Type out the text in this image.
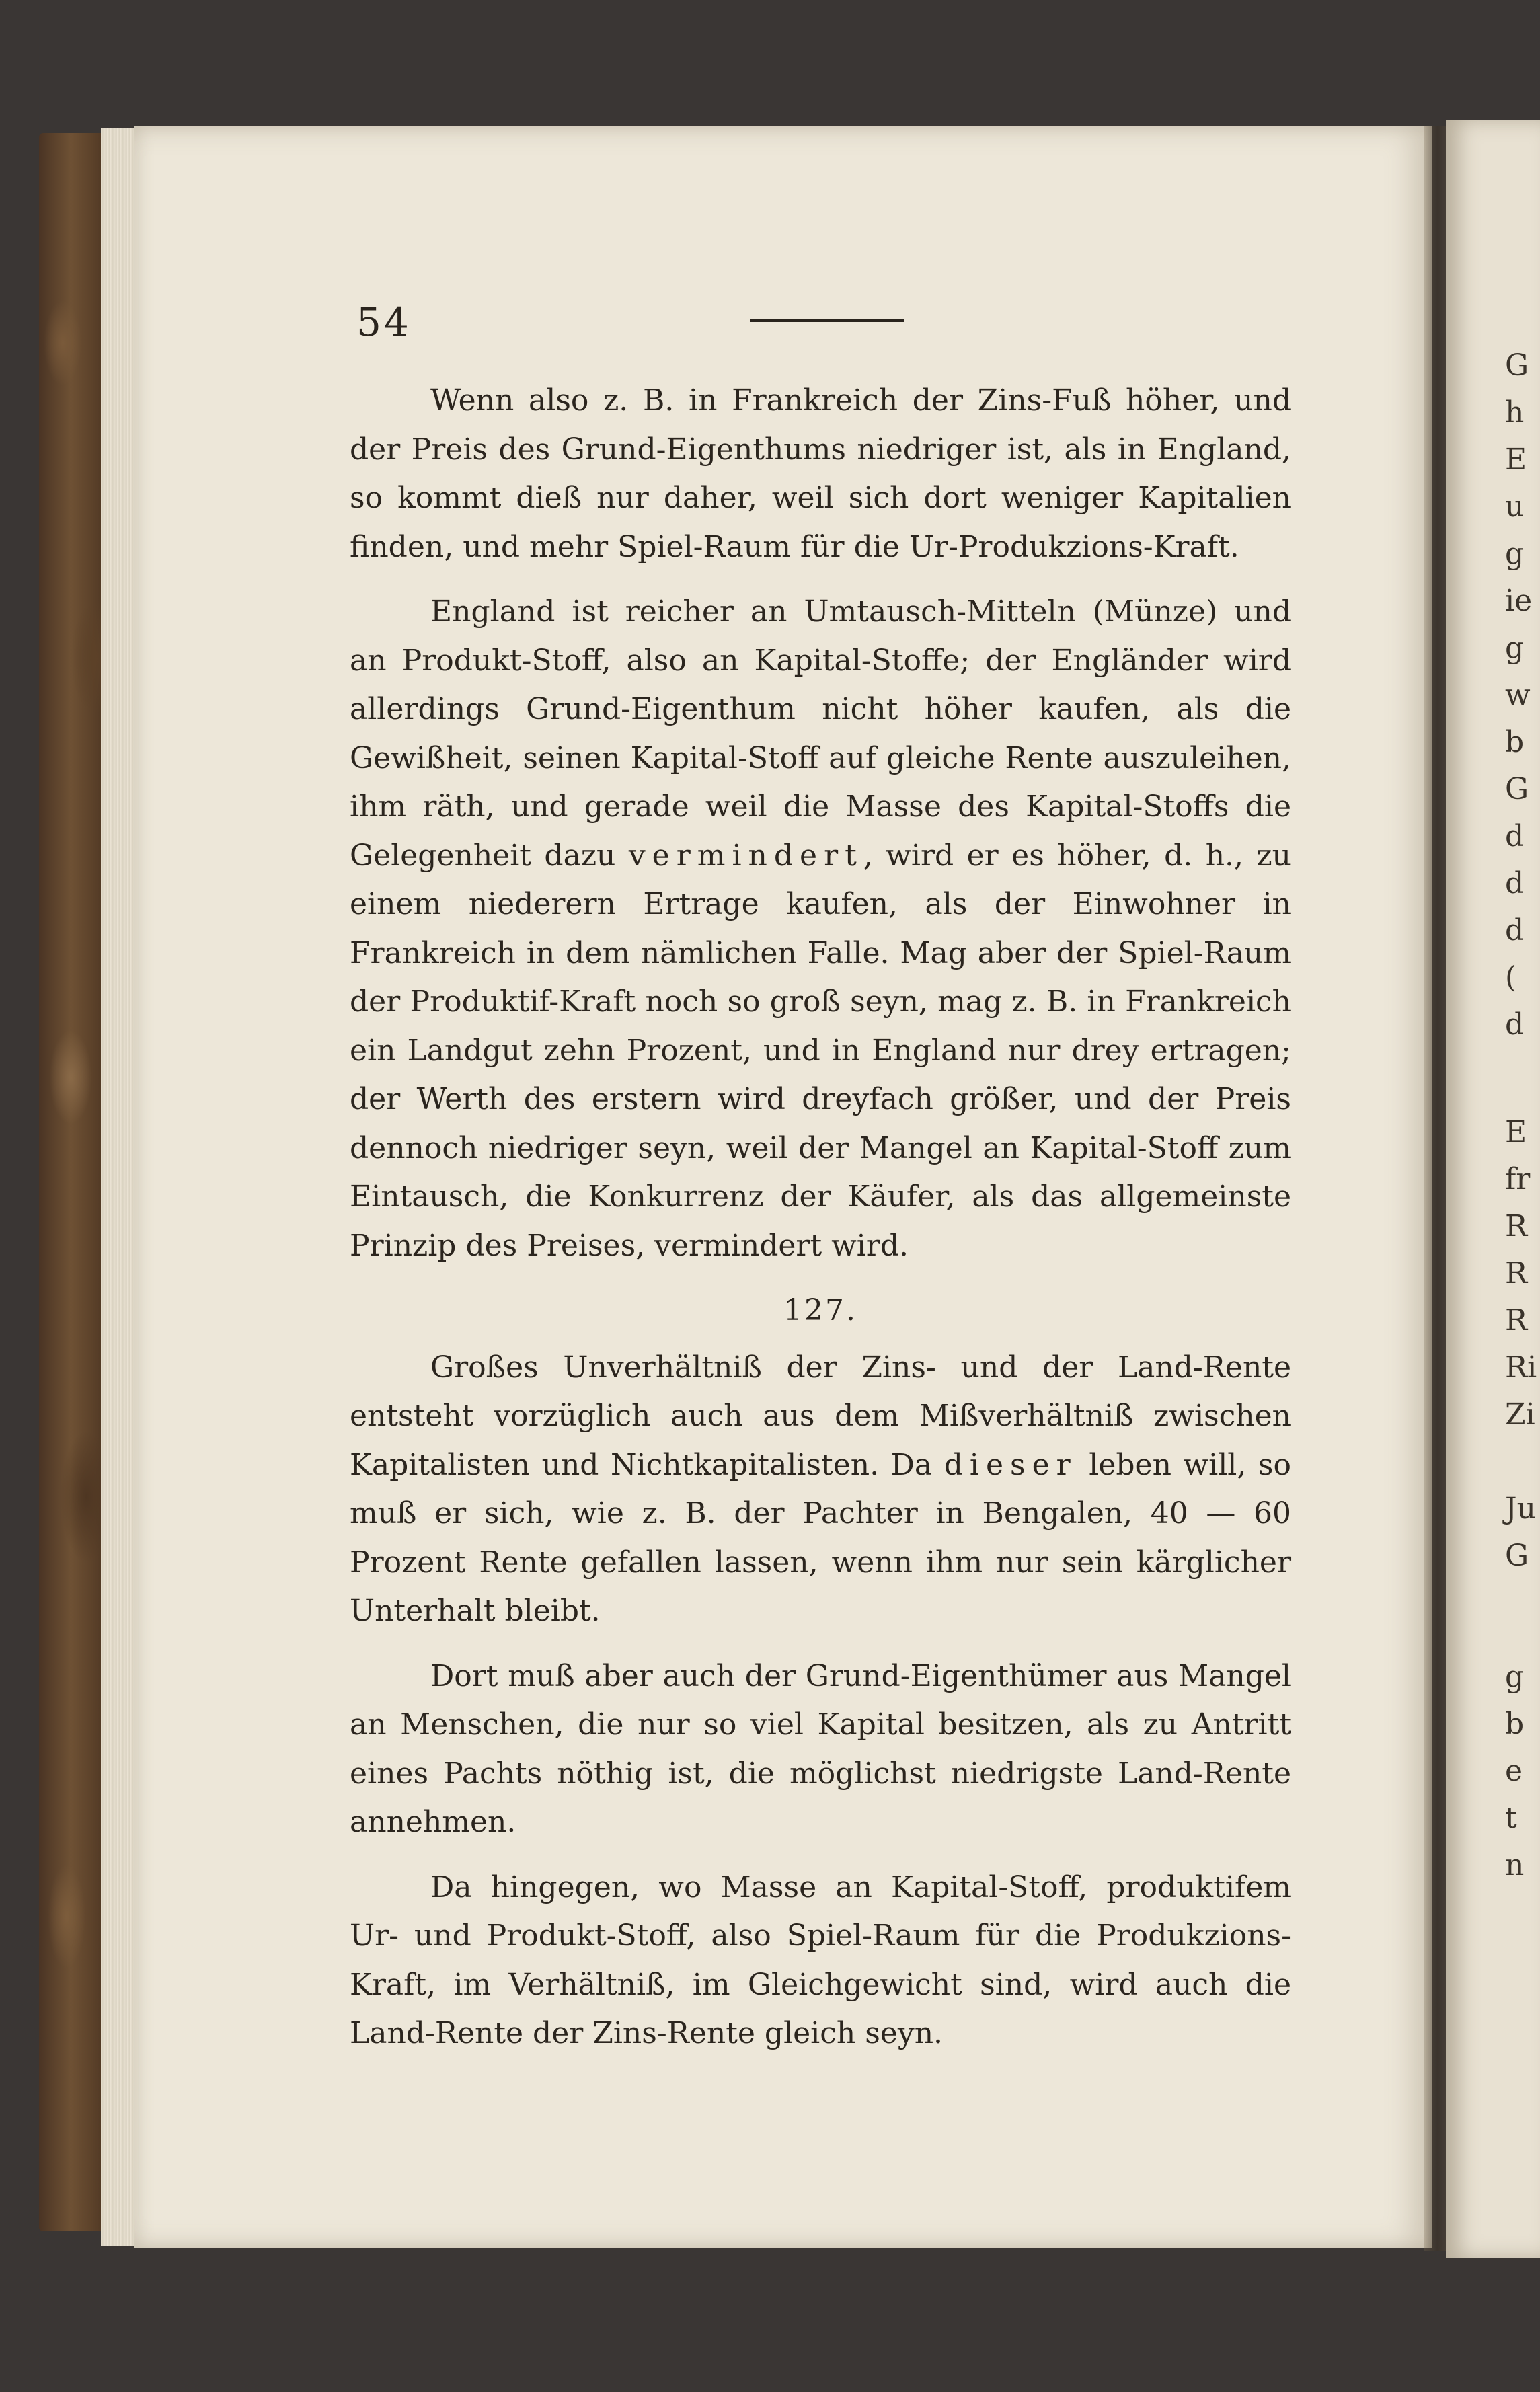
G
h
E
u
g
ie
g
w
b
G
d
d
d
(
d
E
fr
R
R
R
Ri
Zi
Ju
G
g
b
e
t
n
54

Wenn also z. B. in Frankreich der Zins-Fuß höher, und der Preis des Grund-Eigenthums niedriger ist, als in England, so kommt dieß nur daher, weil sich dort weniger Kapitalien finden, und mehr Spiel-Raum für die Ur-Produkzions-Kraft.

England ist reicher an Umtausch-Mitteln (Münze) und an Produkt-Stoff, also an Kapital-Stoffe; der Engländer wird allerdings Grund-Eigenthum nicht höher kaufen, als die Gewißheit, seinen Kapital-Stoff auf gleiche Rente auszuleihen, ihm räth, und gerade weil die Masse des Kapital-Stoffs die Gelegenheit dazu vermindert, wird er es höher, d. h., zu einem niederern Ertrage kaufen, als der Einwohner in Frankreich in dem nämlichen Falle. Mag aber der Spiel-Raum der Produktif-Kraft noch so groß seyn, mag z. B. in Frankreich ein Landgut zehn Prozent, und in England nur drey ertragen; der Werth des erstern wird dreyfach größer, und der Preis dennoch niedriger seyn, weil der Mangel an Kapital-Stoff zum Eintausch, die Konkurrenz der Käufer, als das allgemeinste Prinzip des Preises, vermindert wird.

127.

Großes Unverhältniß der Zins- und der Land-Rente entsteht vorzüglich auch aus dem Mißverhältniß zwischen Kapitalisten und Nichtkapitalisten. Da dieser leben will, so muß er sich, wie z. B. der Pachter in Bengalen, 40 — 60 Prozent Rente gefallen lassen, wenn ihm nur sein kärglicher Unterhalt bleibt.

Dort muß aber auch der Grund-Eigenthümer aus Mangel an Menschen, die nur so viel Kapital besitzen, als zu Antritt eines Pachts nöthig ist, die möglichst niedrigste Land-Rente annehmen.

Da hingegen, wo Masse an Kapital-Stoff, produktifem Ur- und Produkt-Stoff, also Spiel-Raum für die Produkzions-Kraft, im Verhältniß, im Gleichgewicht sind, wird auch die Land-Rente der Zins-Rente gleich seyn.
